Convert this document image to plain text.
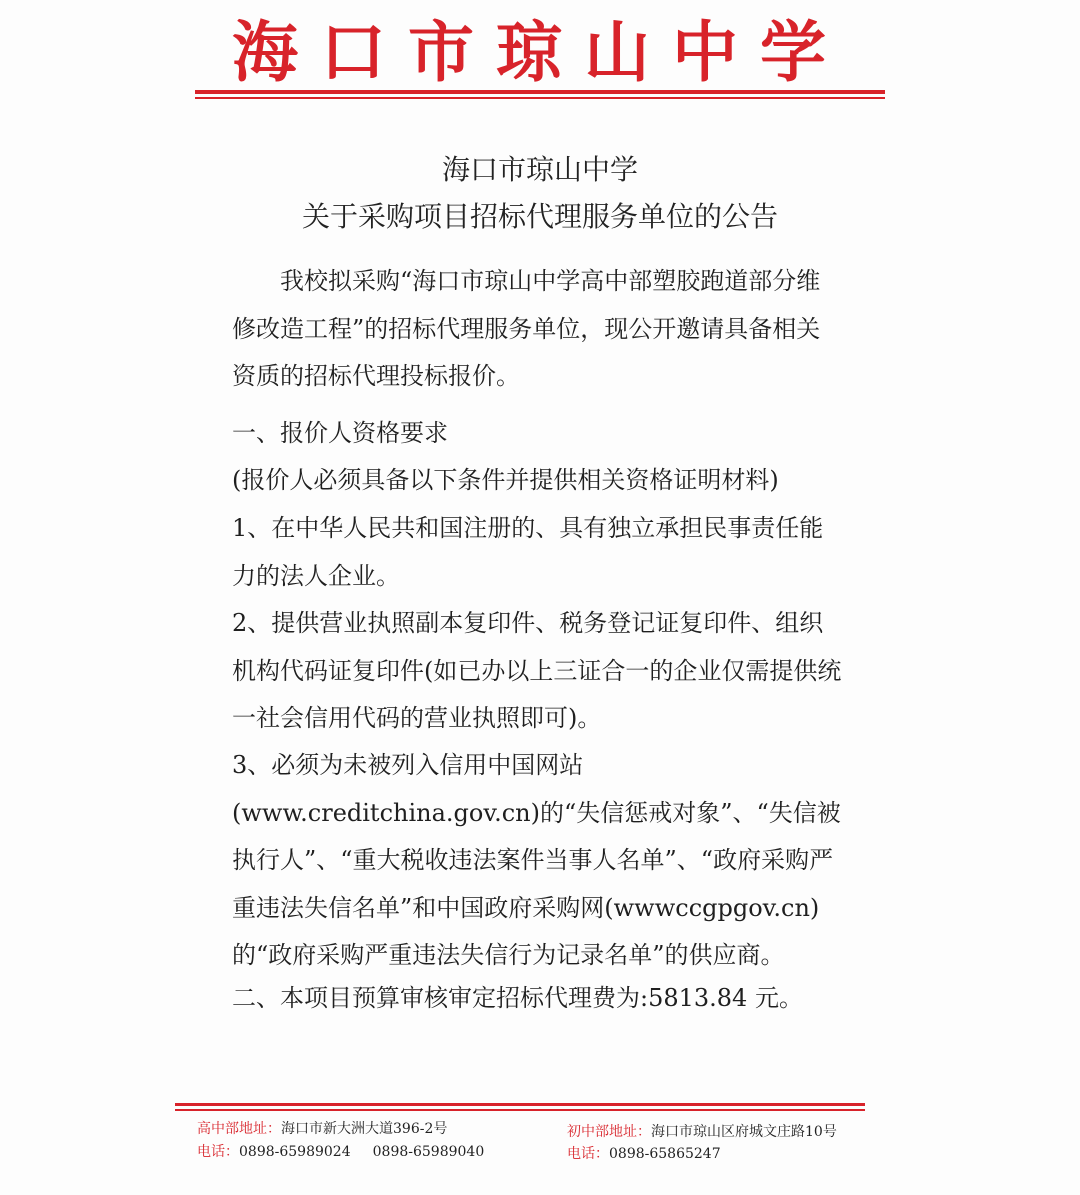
海口市琼山中学
海口市琼山中学
关于采购项目招标代理服务单位的公告
我校拟采购“海口市琼山中学高中部塑胶跑道部分维修改造工程”的招标代理服务单位，现公开邀请具备相关资质的招标代理投标报价。
一、报价人资格要求
(报价人必须具备以下条件并提供相关资格证明材料)
1、在中华人民共和国注册的、具有独立承担民事责任能力的法人企业。
2、提供营业执照副本复印件、税务登记证复印件、组织机构代码证复印件(如已办以上三证合一的企业仅需提供统一社会信用代码的营业执照即可)。
3、必须为未被列入信用中国网站(www.creditchina.gov.cn)的“失信惩戒对象”、“失信被执行人”、“重大税收违法案件当事人名单”、“政府采购严重违法失信名单”和中国政府采购网(wwwccgpgov.cn)的“政府采购严重违法失信行为记录名单”的供应商。
二、本项目预算审核审定招标代理费为:5813.84 元。
高中部地址：海口市新大洲大道396-2号
电话：0898-65989024 0898-65989040
初中部地址：海口市琼山区府城文庄路10号
电话：0898-65865247
